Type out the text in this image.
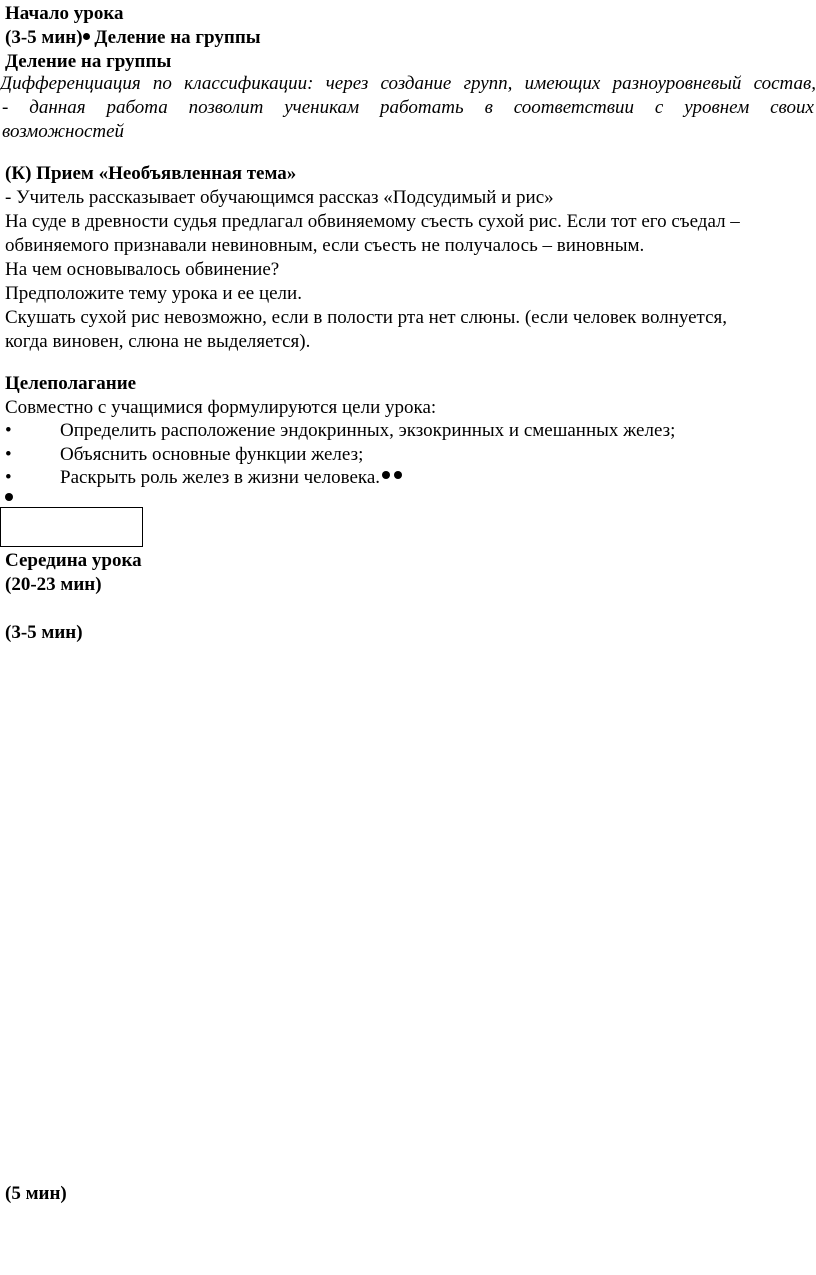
Начало урока
(3-5 мин) Деление на группы
Деление на группы
Дифференциация по классификации: через создание групп, имеющих разноуровневый состав,
- данная работа позволит ученикам работать в соответствии с уровнем своих
возможностей
(К) Прием «Необъявленная тема»
- Учитель рассказывает обучающимся рассказ «Подсудимый и рис»
На суде в древности судья предлагал обвиняемому съесть сухой рис. Если тот его съедал –
обвиняемого признавали невиновным, если съесть не получалось – виновным.
На чем основывалось обвинение?
Предположите тему урока и ее цели.
Скушать сухой рис невозможно, если в полости рта нет слюны. (если человек волнуется,
когда виновен, слюна не выделяется).
Целеполагание
Совместно с учащимися формулируются цели урока:
•	Определить расположение эндокринных, экзокринных и смешанных желез;
•	Объяснить основные функции желез;
•	Раскрыть роль желез в жизни человека.
Середина урока
(20-23 мин)
(3-5 мин)
(5 мин)
